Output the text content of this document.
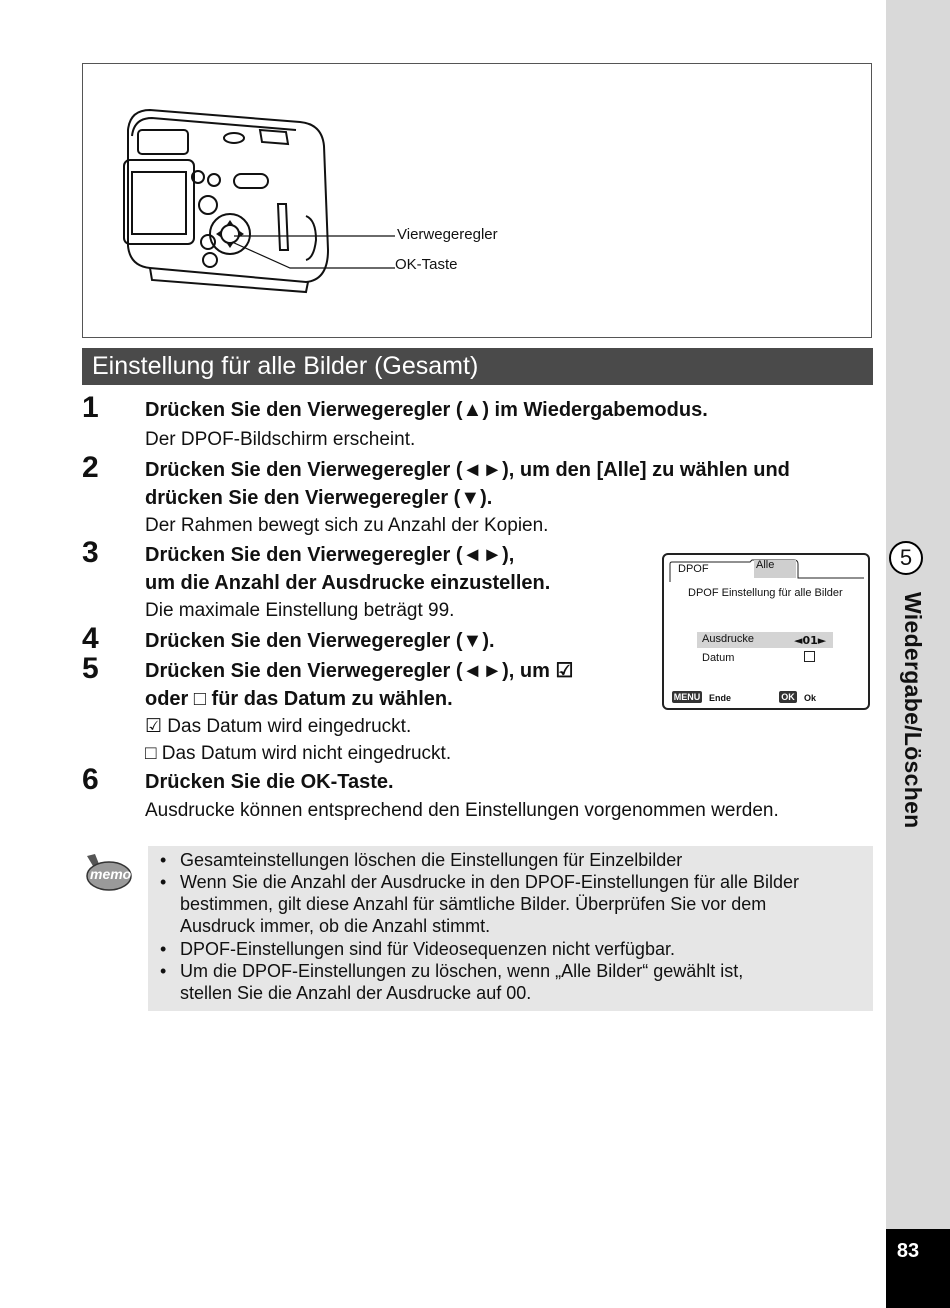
5
Wiedergabe/Löschen
83
Vierwegeregler
OK-Taste
Einstellung für alle Bilder (Gesamt)
1 Drücken Sie den Vierwegeregler (▲) im Wiedergabemodus.
Der DPOF-Bildschirm erscheint.
2 Drücken Sie den Vierwegeregler (◄►), um den [Alle] zu wählen und
drücken Sie den Vierwegeregler (▼).
Der Rahmen bewegt sich zu Anzahl der Kopien.
3 Drücken Sie den Vierwegeregler (◄►),
um die Anzahl der Ausdrucke einzustellen.
Die maximale Einstellung beträgt 99.
4 Drücken Sie den Vierwegeregler (▼).
5 Drücken Sie den Vierwegeregler (◄►), um ☑
oder □ für das Datum zu wählen.
☑ Das Datum wird eingedruckt.
□ Das Datum wird nicht eingedruckt.
6 Drücken Sie die OK-Taste.
Ausdrucke können entsprechend den Einstellungen vorgenommen werden.
DPOF	Alle
DPOF Einstellung für alle Bilder
Ausdrucke	◄01►
Datum
MENU Ende	OK Ok
memo
• Gesamteinstellungen löschen die Einstellungen für Einzelbilder
• Wenn Sie die Anzahl der Ausdrucke in den DPOF-Einstellungen für alle Bilder
bestimmen, gilt diese Anzahl für sämtliche Bilder. Überprüfen Sie vor dem
Ausdruck immer, ob die Anzahl stimmt.
• DPOF-Einstellungen sind für Videosequenzen nicht verfügbar.
• Um die DPOF-Einstellungen zu löschen, wenn „Alle Bilder“ gewählt ist,
stellen Sie die Anzahl der Ausdrucke auf 00.
